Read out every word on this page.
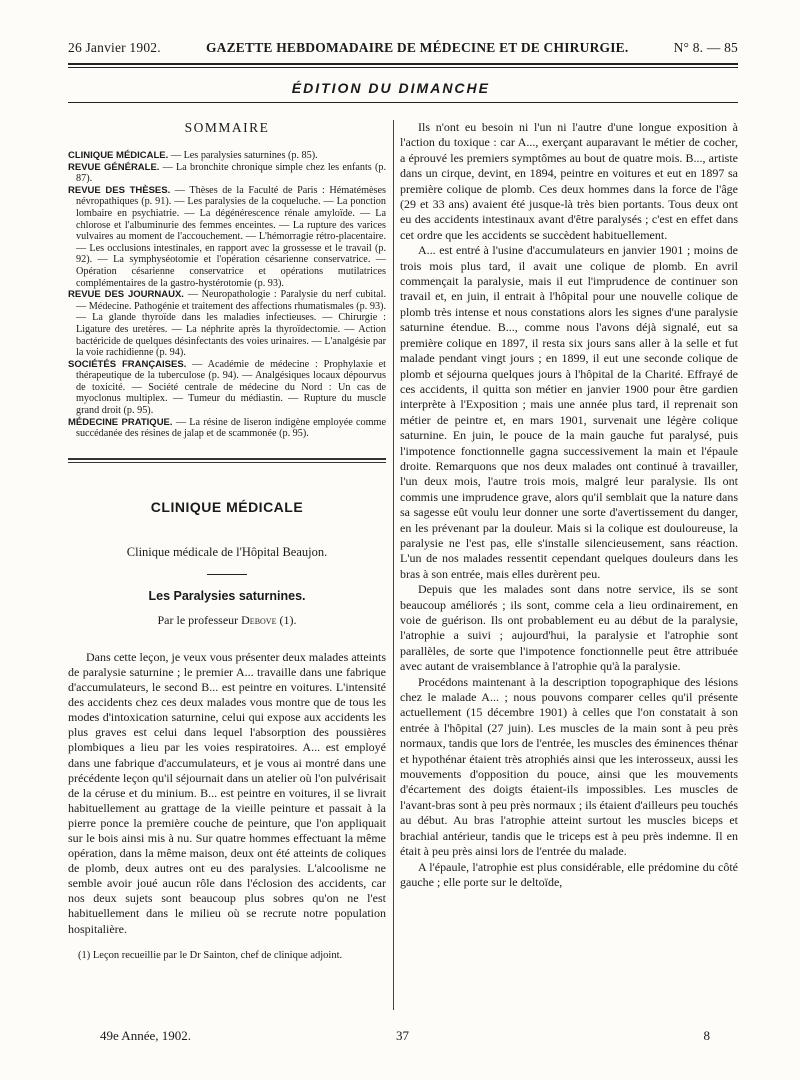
26 Janvier 1902.	GAZETTE HEBDOMADAIRE DE MÉDECINE ET DE CHIRURGIE.	N° 8. — 85
ÉDITION DU DIMANCHE
SOMMAIRE

CLINIQUE MÉDICALE. — Les paralysies saturnines (p. 85).

REVUE GÉNÉRALE. — La bronchite chronique simple chez les enfants (p. 87).

REVUE DES THÈSES. — Thèses de la Faculté de Paris : Hématémèses névropathiques (p. 91). — Les paralysies de la coqueluche. — La ponction lombaire en psychiatrie. — La dégénérescence rénale amyloïde. — La chlorose et l'albuminurie des femmes enceintes. — La rupture des varices vulvaires au moment de l'accouchement. — L'hémorragie rétro-placentaire. — Les occlusions intestinales, en rapport avec la grossesse et le travail (p. 92). — La symphyséotomie et l'opération césarienne conservatrice. — Opération césarienne conservatrice et opérations mutilatrices complémentaires de la gastro-hystérotomie (p. 93).

REVUE DES JOURNAUX. — Neuropathologie : Paralysie du nerf cubital. — Médecine. Pathogénie et traitement des affections rhumatismales (p. 93). — La glande thyroïde dans les maladies infectieuses. — Chirurgie : Ligature des uretères. — La néphrite après la thyroïdectomie. — Action bactéricide de quelques désinfectants des voies urinaires. — L'analgésie par la voie rachidienne (p. 94).

SOCIÉTÉS FRANÇAISES. — Académie de médecine : Prophylaxie et thérapeutique de la tuberculose (p. 94). — Analgésiques locaux dépourvus de toxicité. — Société centrale de médecine du Nord : Un cas de myoclonus multiplex. — Tumeur du médiastin. — Rupture du muscle grand droit (p. 95).

MÉDECINE PRATIQUE. — La résine de liseron indigène employée comme succédanée des résines de jalap et de scammonée (p. 95).

CLINIQUE MÉDICALE
Clinique médicale de l'Hôpital Beaujon.
Les Paralysies saturnines.
Par le professeur Debove (1).

Dans cette leçon, je veux vous présenter deux malades atteints de paralysie saturnine ; le premier A... travaille dans une fabrique d'accumulateurs, le second B... est peintre en voitures. L'intensité des accidents chez ces deux malades vous montre que de tous les modes d'intoxication saturnine, celui qui expose aux accidents les plus graves est celui dans lequel l'absorption des poussières plombiques a lieu par les voies respiratoires. A... est employé dans une fabrique d'accumulateurs, et je vous ai montré dans une précédente leçon qu'il séjournait dans un atelier où l'on pulvérisait de la céruse et du minium. B... est peintre en voitures, il se livrait habituellement au grattage de la vieille peinture et passait à la pierre ponce la première couche de peinture, que l'on appliquait sur le bois ainsi mis à nu. Sur quatre hommes effectuant la même opération, dans la même maison, deux ont été atteints de coliques de plomb, deux autres ont eu des paralysies. L'alcoolisme ne semble avoir joué aucun rôle dans l'éclosion des accidents, car nos deux sujets sont beaucoup plus sobres qu'on ne l'est habituellement dans le milieu où se recrute notre population hospitalière.

(1) Leçon recueillie par le Dr Sainton, chef de clinique adjoint.

Ils n'ont eu besoin ni l'un ni l'autre d'une longue exposition à l'action du toxique : car A..., exerçant auparavant le métier de cocher, a éprouvé les premiers symptômes au bout de quatre mois. B..., artiste dans un cirque, devint, en 1894, peintre en voitures et eut en 1897 sa première colique de plomb. Ces deux hommes dans la force de l'âge (29 et 33 ans) avaient été jusque-là très bien portants. Tous deux ont eu des accidents intestinaux avant d'être paralysés ; c'est en effet dans cet ordre que les accidents se succèdent habituellement.

A... est entré à l'usine d'accumulateurs en janvier 1901 ; moins de trois mois plus tard, il avait une colique de plomb. En avril commençait la paralysie, mais il eut l'imprudence de continuer son travail et, en juin, il entrait à l'hôpital pour une nouvelle colique de plomb très intense et nous constations alors les signes d'une paralysie saturnine étendue. B..., comme nous l'avons déjà signalé, eut sa première colique en 1897, il resta six jours sans aller à la selle et fut malade pendant vingt jours ; en 1899, il eut une seconde colique de plomb et séjourna quelques jours à l'hôpital de la Charité. Effrayé de ces accidents, il quitta son métier en janvier 1900 pour être gardien interprète à l'Exposition ; mais une année plus tard, il reprenait son métier de peintre et, en mars 1901, survenait une légère colique saturnine. En juin, le pouce de la main gauche fut paralysé, puis l'impotence fonctionnelle gagna successivement la main et l'épaule droite. Remarquons que nos deux malades ont continué à travailler, l'un deux mois, l'autre trois mois, malgré leur paralysie. Ils ont commis une imprudence grave, alors qu'il semblait que la nature dans sa sagesse eût voulu leur donner une sorte d'avertissement du danger, en les prévenant par la douleur. Mais si la colique est douloureuse, la paralysie ne l'est pas, elle s'installe silencieusement, sans réaction. L'un de nos malades ressentit cependant quelques douleurs dans les bras à son entrée, mais elles durèrent peu.

Depuis que les malades sont dans notre service, ils se sont beaucoup améliorés ; ils sont, comme cela a lieu ordinairement, en voie de guérison. Ils ont probablement eu au début de la paralysie, l'atrophie a suivi ; aujourd'hui, la paralysie et l'atrophie sont parallèles, de sorte que l'impotence fonctionnelle peut être attribuée avec autant de vraisemblance à l'atrophie qu'à la paralysie.

Procédons maintenant à la description topographique des lésions chez le malade A... ; nous pouvons comparer celles qu'il présente actuellement (15 décembre 1901) à celles que l'on constatait à son entrée à l'hôpital (27 juin). Les muscles de la main sont à peu près normaux, tandis que lors de l'entrée, les muscles des éminences thénar et hypothénar étaient très atrophiés ainsi que les interosseux, aussi les mouvements d'opposition du pouce, ainsi que les mouvements d'écartement des doigts étaient-ils impossibles. Les muscles de l'avant-bras sont à peu près normaux ; ils étaient d'ailleurs peu touchés au début. Au bras l'atrophie atteint surtout les muscles biceps et brachial antérieur, tandis que le triceps est à peu près indemne. Il en était à peu près ainsi lors de l'entrée du malade.

A l'épaule, l'atrophie est plus considérable, elle prédomine du côté gauche ; elle porte sur le deltoïde,

49e Année, 1902.	37	8
